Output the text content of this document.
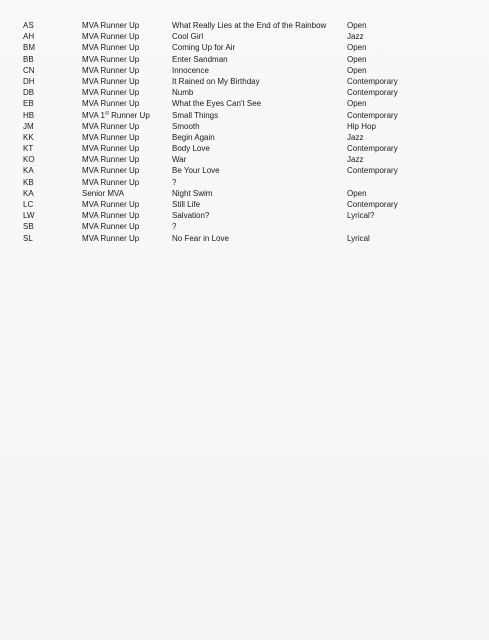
AS	MVA Runner Up	What Really Lies at the End of the Rainbow	Open
AH	MVA Runner Up	Cool Girl	Jazz
BM	MVA Runner Up	Coming Up for Air	Open
BB	MVA Runner Up	Enter Sandman	Open
CN	MVA Runner Up	Innocence	Open
DH	MVA Runner Up	It Rained on My Birthday	Contemporary
DB	MVA Runner Up	Numb	Contemporary
EB	MVA Runner Up	What the Eyes Can't See	Open
HB	MVA 1st Runner Up	Small Things	Contemporary
JM	MVA Runner Up	Smooth	Hip Hop
KK	MVA Runner Up	Begin Again	Jazz
KT	MVA Runner Up	Body Love	Contemporary
KO	MVA Runner Up	War	Jazz
KA	MVA Runner Up	Be Your Love	Contemporary
KB	MVA Runner Up	?
KA	Senior MVA	Night Swim	Open
LC	MVA Runner Up	Still Life	Contemporary
LW	MVA Runner Up	Salvation?	Lyrical?
SB	MVA Runner Up	?
SL	MVA Runner Up	No Fear in Love	Lyrical
